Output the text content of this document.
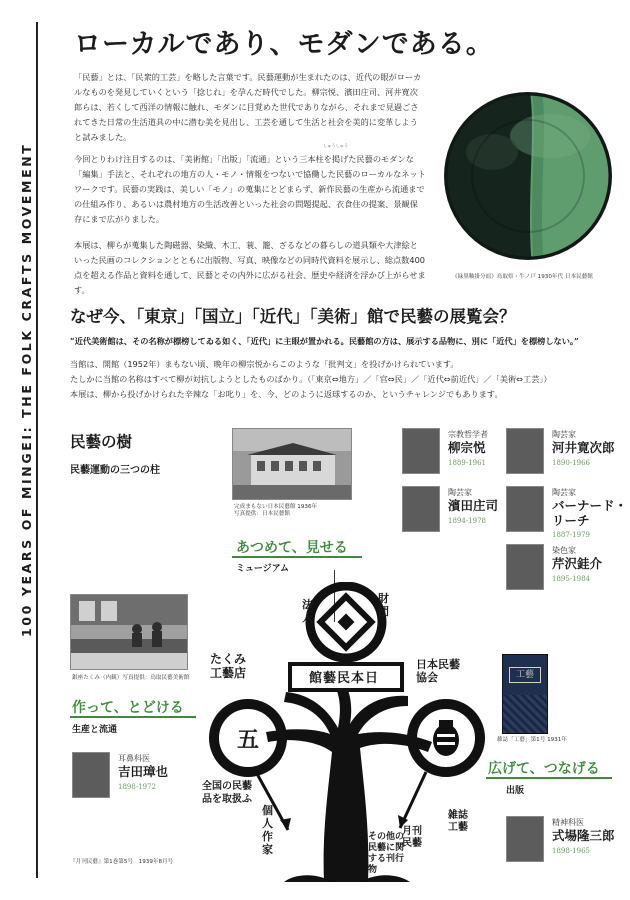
100 YEARS OF MINGEI: THE FOLK CRAFTS MOVEMENT
ローカルであり、モダンである。
「民藝」とは、「民衆的工芸」を略した言葉です。民藝運動が生まれたのは、近代の眼がローカルなものを発見していくという「捻じれ」を孕んだ時代でした。柳宗悦、濱田庄司、河井寛次郎らは、若くして西洋の情報に触れ、モダンに目覚めた世代でありながら、それまで見過ごされてきた日常の生活道具の中に潜む美を見出し、工芸を通して生活と社会を美的に変革しようと試みました。
今回とりわけ注目するのは、「美術館」「出版」「流通」という三本柱を掲げた民藝のモダンな「編集」手法と、それぞれの地方の人・モノ・情報をつないで協働した民藝のローカルなネットワークです。民藝の実践は、美しい「モノ」の蒐集にとどまらず、新作民藝の生産から流通までの仕組み作り、あるいは農村地方の生活改善といった社会の問題提起、衣食住の提案、景観保存にまで広がりました。
しゅうしゅう
本展は、柳らが蒐集した陶磁器、染織、木工、蓑、籠、ざるなどの暮らしの道具類や大津絵といった民画のコレクションとともに出版物、写真、映像などの同時代資料を展示し、総点数400点を超える作品と資料を通して、民藝とその内外に広がる社会、歴史や経済を浮かび上がらせます。
《緑黒釉掛分皿》鳥取県・牛ノ戸 1930年代 日本民藝館
なぜ今、「東京」「国立」「近代」「美術」館で民藝の展覧会？
“近代美術館は、その名称が標榜してゐる如く、「近代」に主眼が置かれる。民藝館の方は、展示する品物に、別に「近代」を標榜しない。”
当館は、開館（1952年）まもない頃、晩年の柳宗悦からこのような「批判文」を投げかけられています。
たしかに当館の名称はすべて柳が対抗しようとしたものばかり。（「東京⇔地方」／「官⇔民」／「近代⇔前近代」／「美術⇔工芸」）
本展は、柳から投げかけられた辛辣な「お叱り」を、今、どのように返球するのか、というチャレンジでもあります。
民藝の樹
民藝運動の三つの柱
完成まもない日本民藝館 1936年
写真提供：日本民藝館
あつめて、見せる
ミュージアム
銀座たくみ（内観）写真提供：鳥取民藝美術館
作って、とどける
生産と流通
工藝
雑誌「工藝」第1号 1931年
広げて、つなげる
出版
館藝民本日
法人
財団
たくみ工藝店
五
全国の民藝品を取扱ふ
個人作家
日本民藝協会
月刊民藝
その他の民藝に関する刊行物
雑誌工藝
『月刊民藝』第1巻第5号　1939年8月号
宗教哲学者
柳宗悦
1889-1961
陶芸家
河井寛次郎
1890-1966
陶芸家
濱田庄司
1894-1978
陶芸家
バーナード・
リーチ
1887-1979
染色家
芹沢銈介
1895-1984
耳鼻科医
吉田璋也
1898-1972
精神科医
式場隆三郎
1898-1965
